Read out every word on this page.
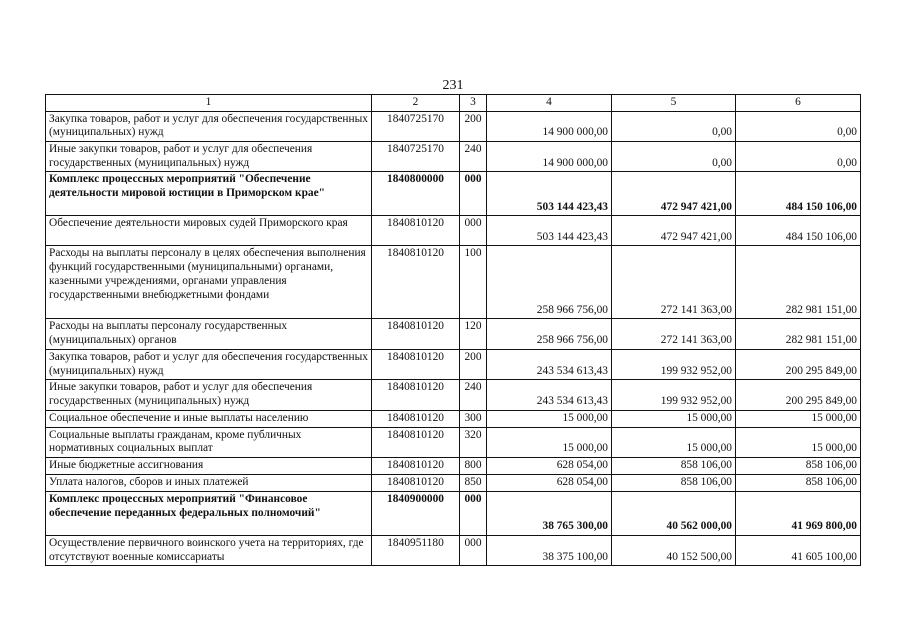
231
1	2	3	4	5	6
Закупка товаров, работ и услуг для обеспечения государственных (муниципальных) нужд	1840725170	200	14 900 000,00	0,00	0,00
Иные закупки товаров, работ и услуг для обеспечения государственных (муниципальных) нужд	1840725170	240	14 900 000,00	0,00	0,00
Комплекс процессных мероприятий "Обеспечение деятельности мировой юстиции в Приморском крае"	1840800000	000	503 144 423,43	472 947 421,00	484 150 106,00
Обеспечение деятельности мировых судей Приморского края	1840810120	000	503 144 423,43	472 947 421,00	484 150 106,00
Расходы на выплаты персоналу в целях обеспечения выполнения функций государственными (муниципальными) органами, казенными учреждениями, органами управления государственными внебюджетными фондами	1840810120	100	258 966 756,00	272 141 363,00	282 981 151,00
Расходы на выплаты персоналу государственных (муниципальных) органов	1840810120	120	258 966 756,00	272 141 363,00	282 981 151,00
Закупка товаров, работ и услуг для обеспечения государственных (муниципальных) нужд	1840810120	200	243 534 613,43	199 932 952,00	200 295 849,00
Иные закупки товаров, работ и услуг для обеспечения государственных (муниципальных) нужд	1840810120	240	243 534 613,43	199 932 952,00	200 295 849,00
Социальное обеспечение и иные выплаты населению	1840810120	300	15 000,00	15 000,00	15 000,00
Социальные выплаты гражданам, кроме публичных нормативных социальных выплат	1840810120	320	15 000,00	15 000,00	15 000,00
Иные бюджетные ассигнования	1840810120	800	628 054,00	858 106,00	858 106,00
Уплата налогов, сборов и иных платежей	1840810120	850	628 054,00	858 106,00	858 106,00
Комплекс процессных мероприятий "Финансовое обеспечение переданных федеральных полномочий"	1840900000	000	38 765 300,00	40 562 000,00	41 969 800,00
Осуществление первичного воинского учета на территориях, где отсутствуют военные комиссариаты	1840951180	000	38 375 100,00	40 152 500,00	41 605 100,00
